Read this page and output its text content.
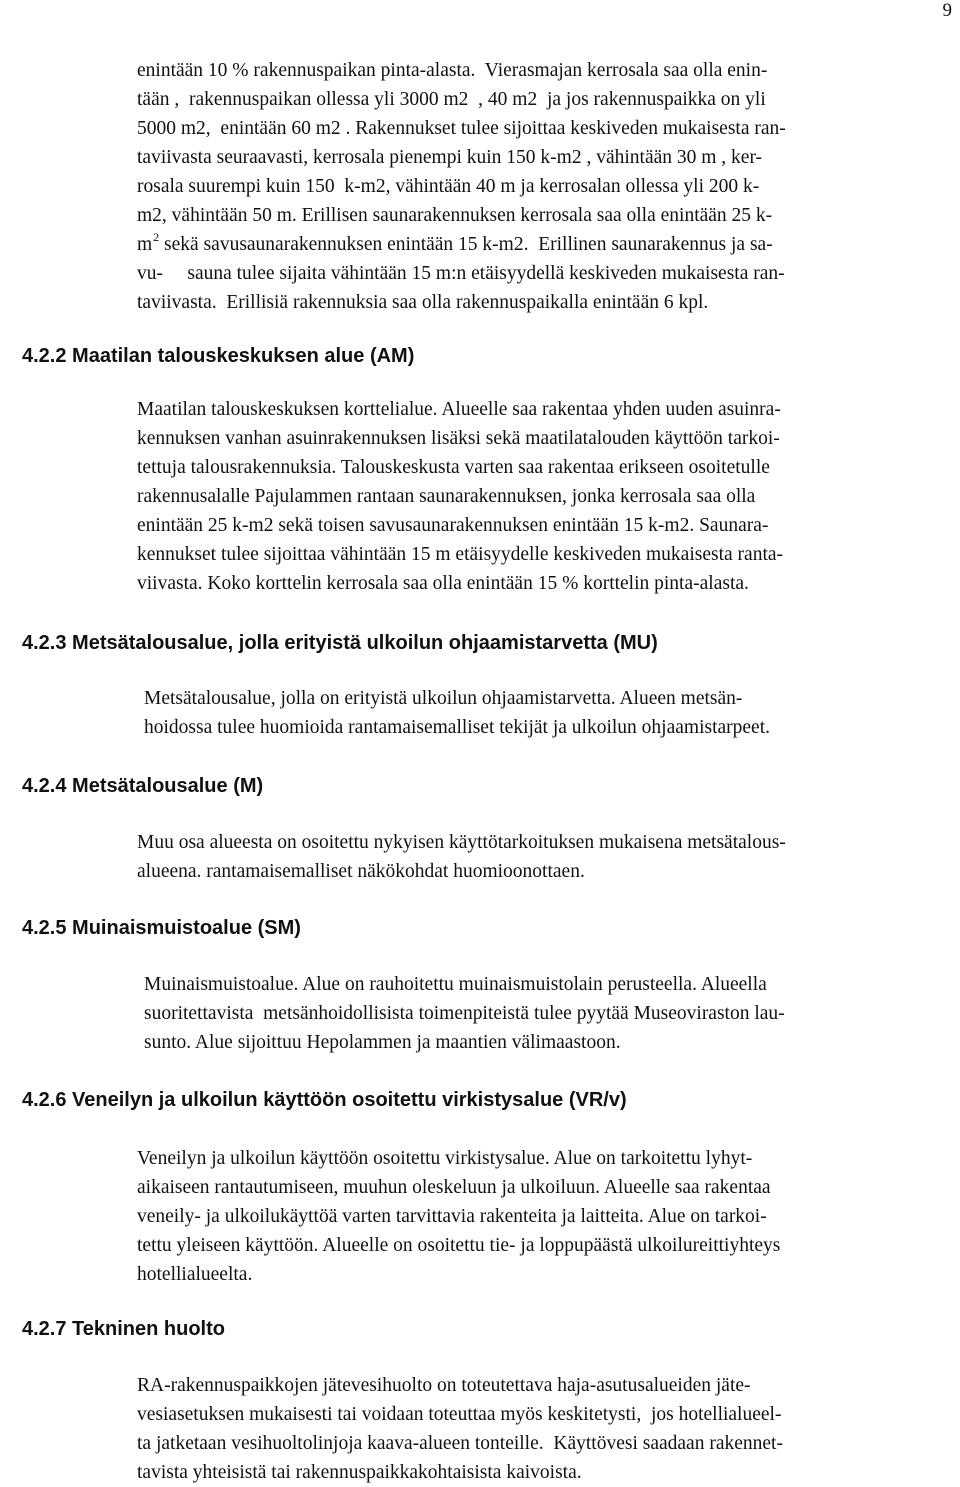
9
enintään 10 % rakennuspaikan pinta-alasta.  Vierasmajan kerrosala saa olla enin-
tään ,  rakennuspaikan ollessa yli 3000 m2  , 40 m2  ja jos rakennuspaikka on yli
5000 m2,  enintään 60 m2 . Rakennukset tulee sijoittaa keskiveden mukaisesta ran-
taviivasta seuraavasti, kerrosala pienempi kuin 150 k-m2 , vähintään 30 m , ker-
rosala suurempi kuin 150  k-m2, vähintään 40 m ja kerrosalan ollessa yli 200 k-
m2, vähintään 50 m. Erillisen saunarakennuksen kerrosala saa olla enintään 25 k-
$m^2$ sekä savusaunarakennuksen enintään 15 k-m2.  Erillinen saunarakennus ja sa-
vu-     sauna tulee sijaita vähintään 15 m:n etäisyydellä keskiveden mukaisesta ran-
taviivasta.  Erillisiä rakennuksia saa olla rakennuspaikalla enintään 6 kpl.
4.2.2 Maatilan talouskeskuksen alue (AM)
Maatilan talouskeskuksen korttelialue. Alueelle saa rakentaa yhden uuden asuinra-
kennuksen vanhan asuinrakennuksen lisäksi sekä maatilatalouden käyttöön tarkoi-
tettuja talousrakennuksia. Talouskeskusta varten saa rakentaa erikseen osoitetulle
rakennusalalle Pajulammen rantaan saunarakennuksen, jonka kerrosala saa olla
enintään 25 k-m2 sekä toisen savusaunarakennuksen enintään 15 k-m2. Saunara-
kennukset tulee sijoittaa vähintään 15 m etäisyydelle keskiveden mukaisesta ranta-
viivasta. Koko korttelin kerrosala saa olla enintään 15 % korttelin pinta-alasta.
4.2.3 Metsätalousalue, jolla erityistä ulkoilun ohjaamistarvetta (MU)
Metsätalousalue, jolla on erityistä ulkoilun ohjaamistarvetta. Alueen metsän-
hoidossa tulee huomioida rantamaisemalliset tekijät ja ulkoilun ohjaamistarpeet.
4.2.4 Metsätalousalue (M)
Muu osa alueesta on osoitettu nykyisen käyttötarkoituksen mukaisena metsätalous-
alueena. rantamaisemalliset näkökohdat huomioonottaen.
4.2.5 Muinaismuistoalue (SM)
Muinaismuistoalue. Alue on rauhoitettu muinaismuistolain perusteella. Alueella
suoritettavista  metsänhoidollisista toimenpiteistä tulee pyytää Museoviraston lau-
sunto. Alue sijoittuu Hepolammen ja maantien välimaastoon.
4.2.6 Veneilyn ja ulkoilun käyttöön osoitettu virkistysalue (VR/v)
Veneilyn ja ulkoilun käyttöön osoitettu virkistysalue. Alue on tarkoitettu lyhyt-
aikaiseen rantautumiseen, muuhun oleskeluun ja ulkoiluun. Alueelle saa rakentaa
veneily- ja ulkoilukäyttöä varten tarvittavia rakenteita ja laitteita. Alue on tarkoi-
tettu yleiseen käyttöön. Alueelle on osoitettu tie- ja loppupäästä ulkoilureittiyhteys
hotellialueelta.
4.2.7 Tekninen huolto
RA-rakennuspaikkojen jätevesihuolto on toteutettava haja-asutusalueiden jäte-
vesiasetuksen mukaisesti tai voidaan toteuttaa myös keskitetysti,  jos hotellialueel-
ta jatketaan vesihuoltolinjoja kaava-alueen tonteille.  Käyttövesi saadaan rakennet-
tavista yhteisistä tai rakennuspaikkakohtaisista kaivoista.
